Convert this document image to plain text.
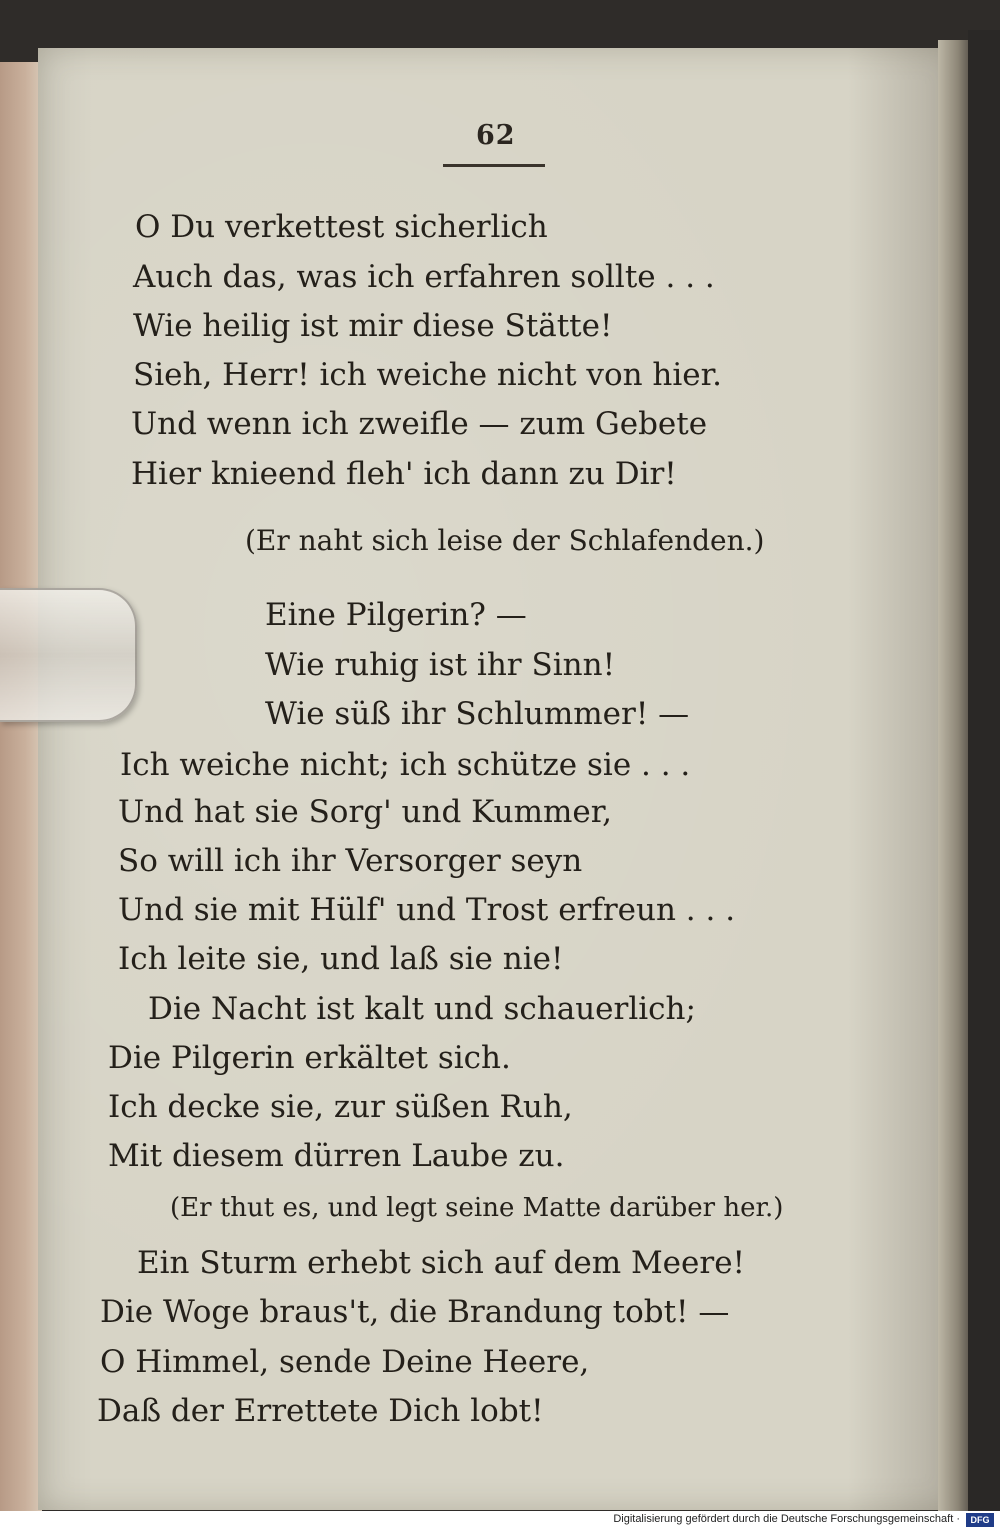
62
O Du verkettest sicherlich
Auch das, was ich erfahren sollte . . .
Wie heilig ist mir diese Stätte!
Sieh, Herr! ich weiche nicht von hier.
Und wenn ich zweifle — zum Gebete
Hier knieend fleh' ich dann zu Dir!
(Er naht sich leise der Schlafenden.)
Eine Pilgerin? —
Wie ruhig ist ihr Sinn!
Wie süß ihr Schlummer! —
Ich weiche nicht; ich schütze sie . . .
Und hat sie Sorg' und Kummer,
So will ich ihr Versorger seyn
Und sie mit Hülf' und Trost erfreun . . .
Ich leite sie, und laß sie nie!
Die Nacht ist kalt und schauerlich;
Die Pilgerin erkältet sich.
Ich decke sie, zur süßen Ruh,
Mit diesem dürren Laube zu.
(Er thut es, und legt seine Matte darüber her.)
Ein Sturm erhebt sich auf dem Meere!
Die Woge braus't, die Brandung tobt! —
O Himmel, sende Deine Heere,
Daß der Errettete Dich lobt!
Digitalisierung gefördert durch die Deutsche Forschungsgemeinschaft ·	DFG
